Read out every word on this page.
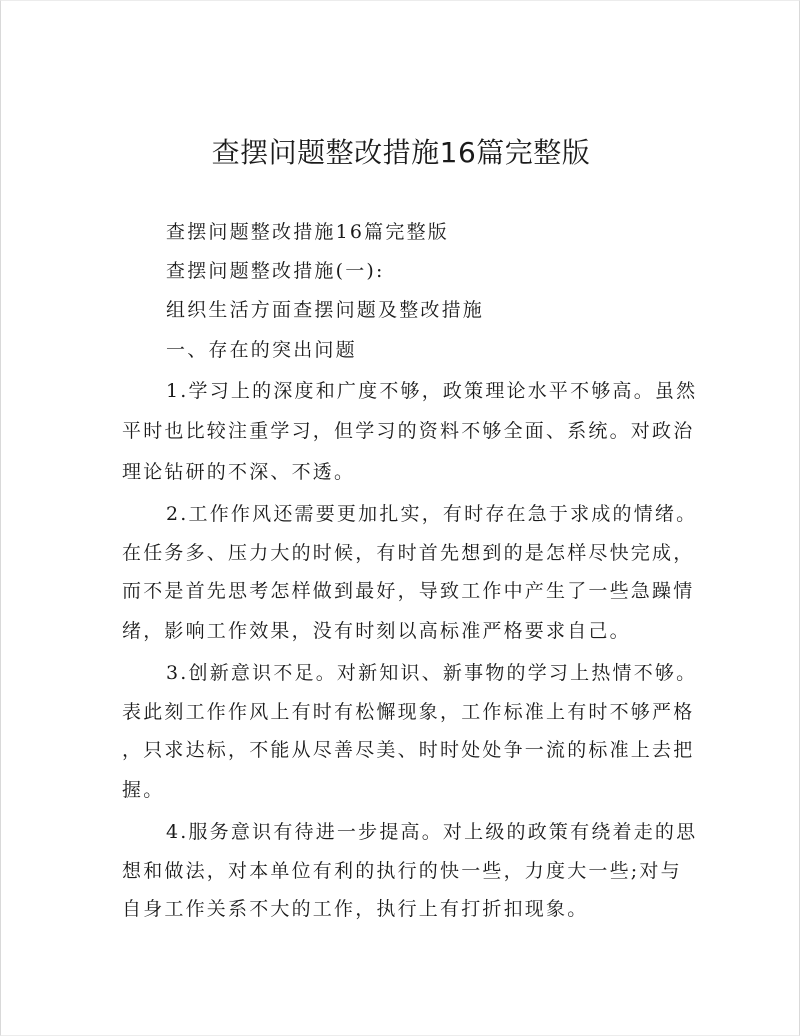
查摆问题整改措施16篇完整版

查摆问题整改措施16篇完整版

查摆问题整改措施(一):

组织生活方面查摆问题及整改措施

一、存在的突出问题

1.学习上的深度和广度不够，政策理论水平不够高。虽然

平时也比较注重学习，但学习的资料不够全面、系统。对政治

理论钻研的不深、不透。

2.工作作风还需要更加扎实，有时存在急于求成的情绪。

在任务多、压力大的时候，有时首先想到的是怎样尽快完成，

而不是首先思考怎样做到最好，导致工作中产生了一些急躁情

绪，影响工作效果，没有时刻以高标准严格要求自己。

3.创新意识不足。对新知识、新事物的学习上热情不够。

表此刻工作作风上有时有松懈现象，工作标准上有时不够严格

，只求达标，不能从尽善尽美、时时处处争一流的标准上去把

握。

4.服务意识有待进一步提高。对上级的政策有绕着走的思

想和做法，对本单位有利的执行的快一些，力度大一些;对与

自身工作关系不大的工作，执行上有打折扣现象。
